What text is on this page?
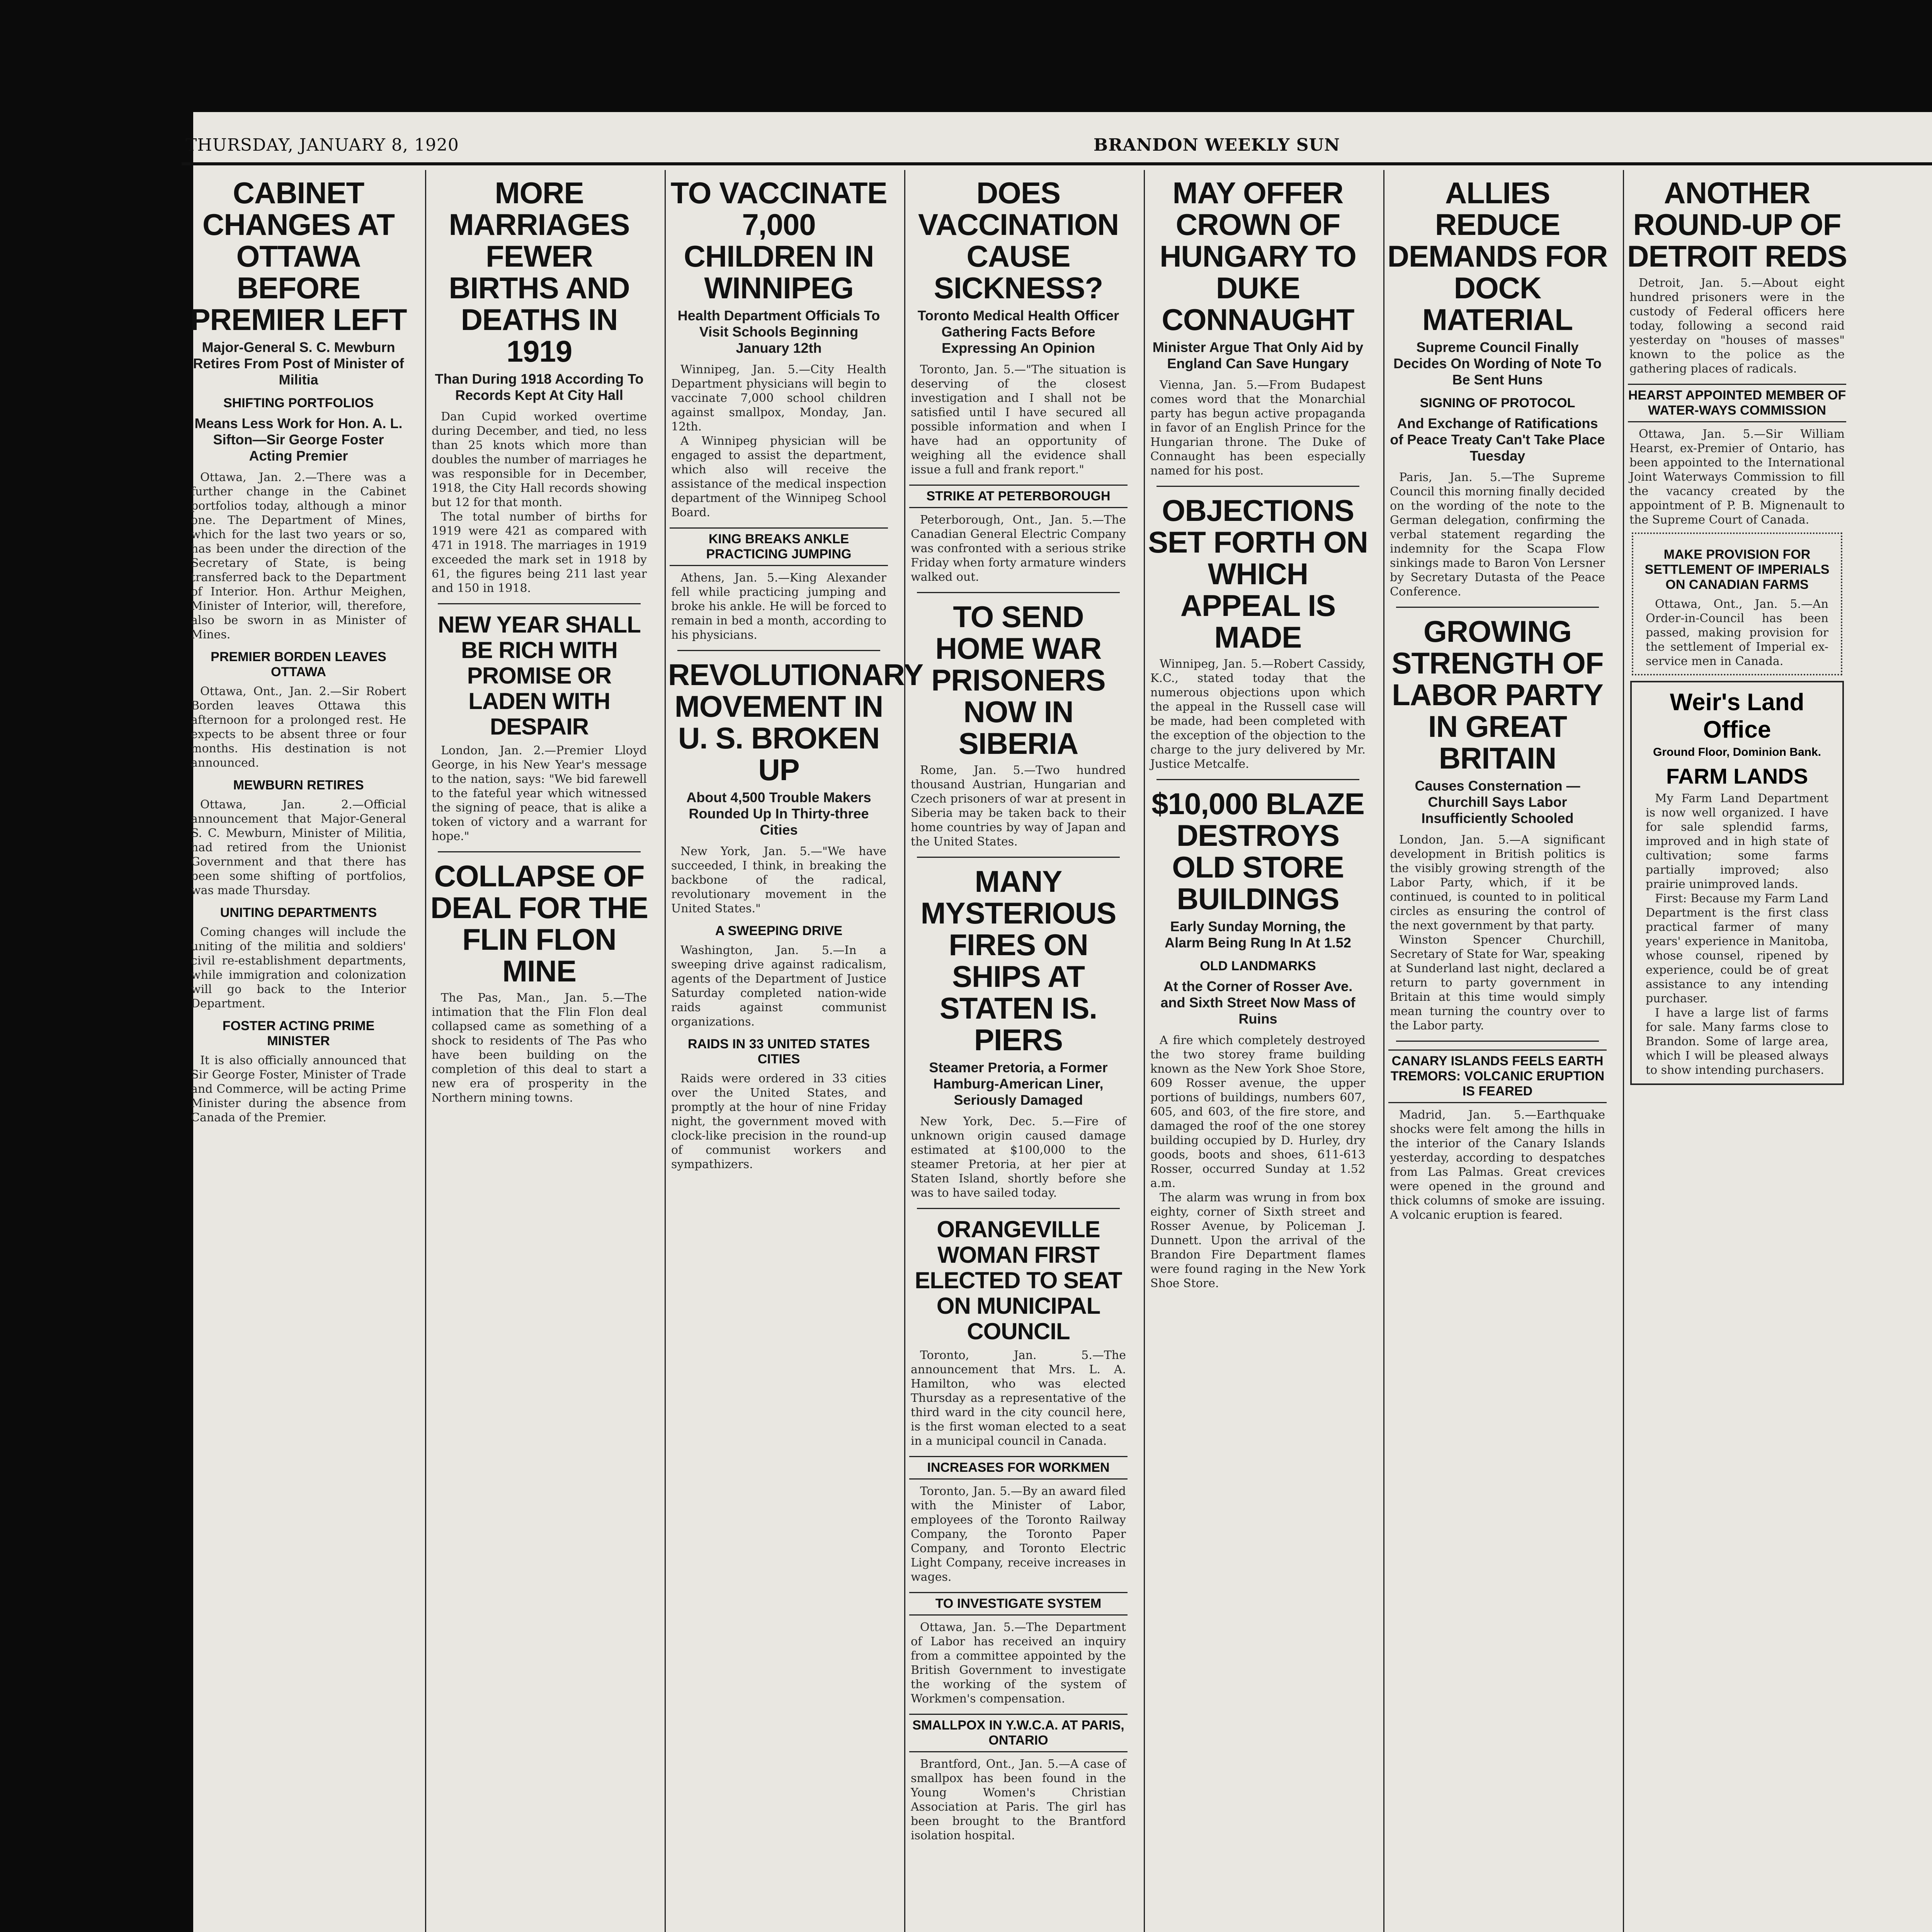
THURSDAY, JANUARY 8, 1920	BRANDON WEEKLY SUN
CABINET CHANGES AT OTTAWA BEFORE PREMIER LEFT
Major-General S. C. Mewburn Retires From Post of Minister of Militia
SHIFTING PORTFOLIOS
Means Less Work for Hon. A. L. Sifton—Sir George Foster Acting Premier

Ottawa, Jan. 2.—There was a further change in the Cabinet portfolios today, although a minor one. The Department of Mines, which for the last two years or so, has been under the direction of the Secretary of State, is being transferred back to the Department of Interior. Hon. Arthur Meighen, Minister of Interior, will, therefore, also be sworn in as Minister of Mines.

PREMIER BORDEN LEAVES OTTAWA

Ottawa, Ont., Jan. 2.—Sir Robert Borden leaves Ottawa this afternoon for a prolonged rest. He expects to be absent three or four months. His destination is not announced.

MEWBURN RETIRES

Ottawa, Jan. 2.—Official announcement that Major-General S. C. Mewburn, Minister of Militia, had retired from the Unionist Government and that there has been some shifting of portfolios, was made Thursday.

UNITING DEPARTMENTS

Coming changes will include the uniting of the militia and soldiers' civil re-establishment departments, while immigration and colonization will go back to the Interior Department.

FOSTER ACTING PRIME MINISTER

It is also officially announced that Sir George Foster, Minister of Trade and Commerce, will be acting Prime Minister during the absence from Canada of the Premier.

MORE MARRIAGES FEWER BIRTHS AND DEATHS IN 1919
Than During 1918 According To Records Kept At City Hall

Dan Cupid worked overtime during December, and tied, no less than 25 knots which more than doubles the number of marriages he was responsible for in December, 1918, the City Hall records showing but 12 for that month.

The total number of births for 1919 were 421 as compared with 471 in 1918. The marriages in 1919 exceeded the mark set in 1918 by 61, the figures being 211 last year and 150 in 1918.

NEW YEAR SHALL BE RICH WITH PROMISE OR LADEN WITH DESPAIR

London, Jan. 2.—Premier Lloyd George, in his New Year's message to the nation, says: "We bid farewell to the fateful year which witnessed the signing of peace, that is alike a token of victory and a warrant for hope."

COLLAPSE OF DEAL FOR THE FLIN FLON MINE

The Pas, Man., Jan. 5.—The intimation that the Flin Flon deal collapsed came as something of a shock to residents of The Pas who have been building on the completion of this deal to start a new era of prosperity in the Northern mining towns.

TO VACCINATE 7,000 CHILDREN IN WINNIPEG
Health Department Officials To Visit Schools Beginning January 12th

Winnipeg, Jan. 5.—City Health Department physicians will begin to vaccinate 7,000 school children against smallpox, Monday, Jan. 12th.

A Winnipeg physician will be engaged to assist the department, which also will receive the assistance of the medical inspection department of the Winnipeg School Board.

KING BREAKS ANKLE PRACTICING JUMPING

Athens, Jan. 5.—King Alexander fell while practicing jumping and broke his ankle. He will be forced to remain in bed a month, according to his physicians.

REVOLUTIONARY MOVEMENT IN U. S. BROKEN UP
About 4,500 Trouble Makers Rounded Up In Thirty-three Cities

New York, Jan. 5.—"We have succeeded, I think, in breaking the backbone of the radical, revolutionary movement in the United States."

A SWEEPING DRIVE

Washington, Jan. 5.—In a sweeping drive against radicalism, agents of the Department of Justice Saturday completed nation-wide raids against communist organizations.

RAIDS IN 33 UNITED STATES CITIES

Raids were ordered in 33 cities over the United States, and promptly at the hour of nine Friday night, the government moved with clock-like precision in the round-up of communist workers and sympathizers.

DOES VACCINATION CAUSE SICKNESS?
Toronto Medical Health Officer Gathering Facts Before Expressing An Opinion

Toronto, Jan. 5.—"The situation is deserving of the closest investigation and I shall not be satisfied until I have secured all possible information and when I have had an opportunity of weighing all the evidence shall issue a full and frank report."

STRIKE AT PETERBOROUGH

Peterborough, Ont., Jan. 5.—The Canadian General Electric Company was confronted with a serious strike Friday when forty armature winders walked out.

TO SEND HOME WAR PRISONERS NOW IN SIBERIA

Rome, Jan. 5.—Two hundred thousand Austrian, Hungarian and Czech prisoners of war at present in Siberia may be taken back to their home countries by way of Japan and the United States.

MANY MYSTERIOUS FIRES ON SHIPS AT STATEN IS. PIERS
Steamer Pretoria, a Former Hamburg-American Liner, Seriously Damaged

New York, Dec. 5.—Fire of unknown origin caused damage estimated at $100,000 to the steamer Pretoria, at her pier at Staten Island, shortly before she was to have sailed today.

ORANGEVILLE WOMAN FIRST ELECTED TO SEAT ON MUNICIPAL COUNCIL

Toronto, Jan. 5.—The announcement that Mrs. L. A. Hamilton, who was elected Thursday as a representative of the third ward in the city council here, is the first woman elected to a seat in a municipal council in Canada.

INCREASES FOR WORKMEN

Toronto, Jan. 5.—By an award filed with the Minister of Labor, employees of the Toronto Railway Company, the Toronto Paper Company, and Toronto Electric Light Company, receive increases in wages.

TO INVESTIGATE SYSTEM

Ottawa, Jan. 5.—The Department of Labor has received an inquiry from a committee appointed by the British Government to investigate the working of the system of Workmen's compensation.

SMALLPOX IN Y.W.C.A. AT PARIS, ONTARIO

Brantford, Ont., Jan. 5.—A case of smallpox has been found in the Young Women's Christian Association at Paris. The girl has been brought to the Brantford isolation hospital.

MAY OFFER CROWN OF HUNGARY TO DUKE CONNAUGHT
Minister Argue That Only Aid by England Can Save Hungary

Vienna, Jan. 5.—From Budapest comes word that the Monarchial party has begun active propaganda in favor of an English Prince for the Hungarian throne. The Duke of Connaught has been especially named for his post.

OBJECTIONS SET FORTH ON WHICH APPEAL IS MADE

Winnipeg, Jan. 5.—Robert Cassidy, K.C., stated today that the numerous objections upon which the appeal in the Russell case will be made, had been completed with the exception of the objection to the charge to the jury delivered by Mr. Justice Metcalfe.

$10,000 BLAZE DESTROYS OLD STORE BUILDINGS
Early Sunday Morning, the Alarm Being Rung In At 1.52
OLD LANDMARKS
At the Corner of Rosser Ave. and Sixth Street Now Mass of Ruins

A fire which completely destroyed the two storey frame building known as the New York Shoe Store, 609 Rosser avenue, the upper portions of buildings, numbers 607, 605, and 603, of the fire store, and damaged the roof of the one storey building occupied by D. Hurley, dry goods, boots and shoes, 611-613 Rosser, occurred Sunday at 1.52 a.m.

The alarm was wrung in from box eighty, corner of Sixth street and Rosser Avenue, by Policeman J. Dunnett. Upon the arrival of the Brandon Fire Department flames were found raging in the New York Shoe Store.

ALLIES REDUCE DEMANDS FOR DOCK MATERIAL
Supreme Council Finally Decides On Wording of Note To Be Sent Huns
SIGNING OF PROTOCOL
And Exchange of Ratifications of Peace Treaty Can't Take Place Tuesday

Paris, Jan. 5.—The Supreme Council this morning finally decided on the wording of the note to the German delegation, confirming the verbal statement regarding the indemnity for the Scapa Flow sinkings made to Baron Von Lersner by Secretary Dutasta of the Peace Conference.

GROWING STRENGTH OF LABOR PARTY IN GREAT BRITAIN
Causes Consternation — Churchill Says Labor Insufficiently Schooled

London, Jan. 5.—A significant development in British politics is the visibly growing strength of the Labor Party, which, if it be continued, is counted to in political circles as ensuring the control of the next government by that party.

Winston Spencer Churchill, Secretary of State for War, speaking at Sunderland last night, declared a return to party government in Britain at this time would simply mean turning the country over to the Labor party.

CANARY ISLANDS FEELS EARTH TREMORS: VOLCANIC ERUPTION IS FEARED

Madrid, Jan. 5.—Earthquake shocks were felt among the hills in the interior of the Canary Islands yesterday, according to despatches from Las Palmas. Great crevices were opened in the ground and thick columns of smoke are issuing. A volcanic eruption is feared.

ANOTHER ROUND-UP OF DETROIT REDS

Detroit, Jan. 5.—About eight hundred prisoners were in the custody of Federal officers here today, following a second raid yesterday on "houses of masses" known to the police as the gathering places of radicals.

HEARST APPOINTED MEMBER OF WATER-WAYS COMMISSION

Ottawa, Jan. 5.—Sir William Hearst, ex-Premier of Ontario, has been appointed to the International Joint Waterways Commission to fill the vacancy created by the appointment of P. B. Mignenault to the Supreme Court of Canada.

MAKE PROVISION FOR SETTLEMENT OF IMPERIALS ON CANADIAN FARMS

Ottawa, Ont., Jan. 5.—An Order-in-Council has been passed, making provision for the settlement of Imperial ex-service men in Canada.

Weir's Land Office
Ground Floor, Dominion Bank.
FARM LANDS

My Farm Land Department is now well organized. I have for sale splendid farms, improved and in high state of cultivation; some farms partially improved; also prairie unimproved lands.

First: Because my Farm Land Department is the first class practical farmer of many years' experience in Manitoba, whose counsel, ripened by experience, could be of great assistance to any intending purchaser.

I have a large list of farms for sale. Many farms close to Brandon. Some of large area, which I will be pleased always to show intending purchasers.
